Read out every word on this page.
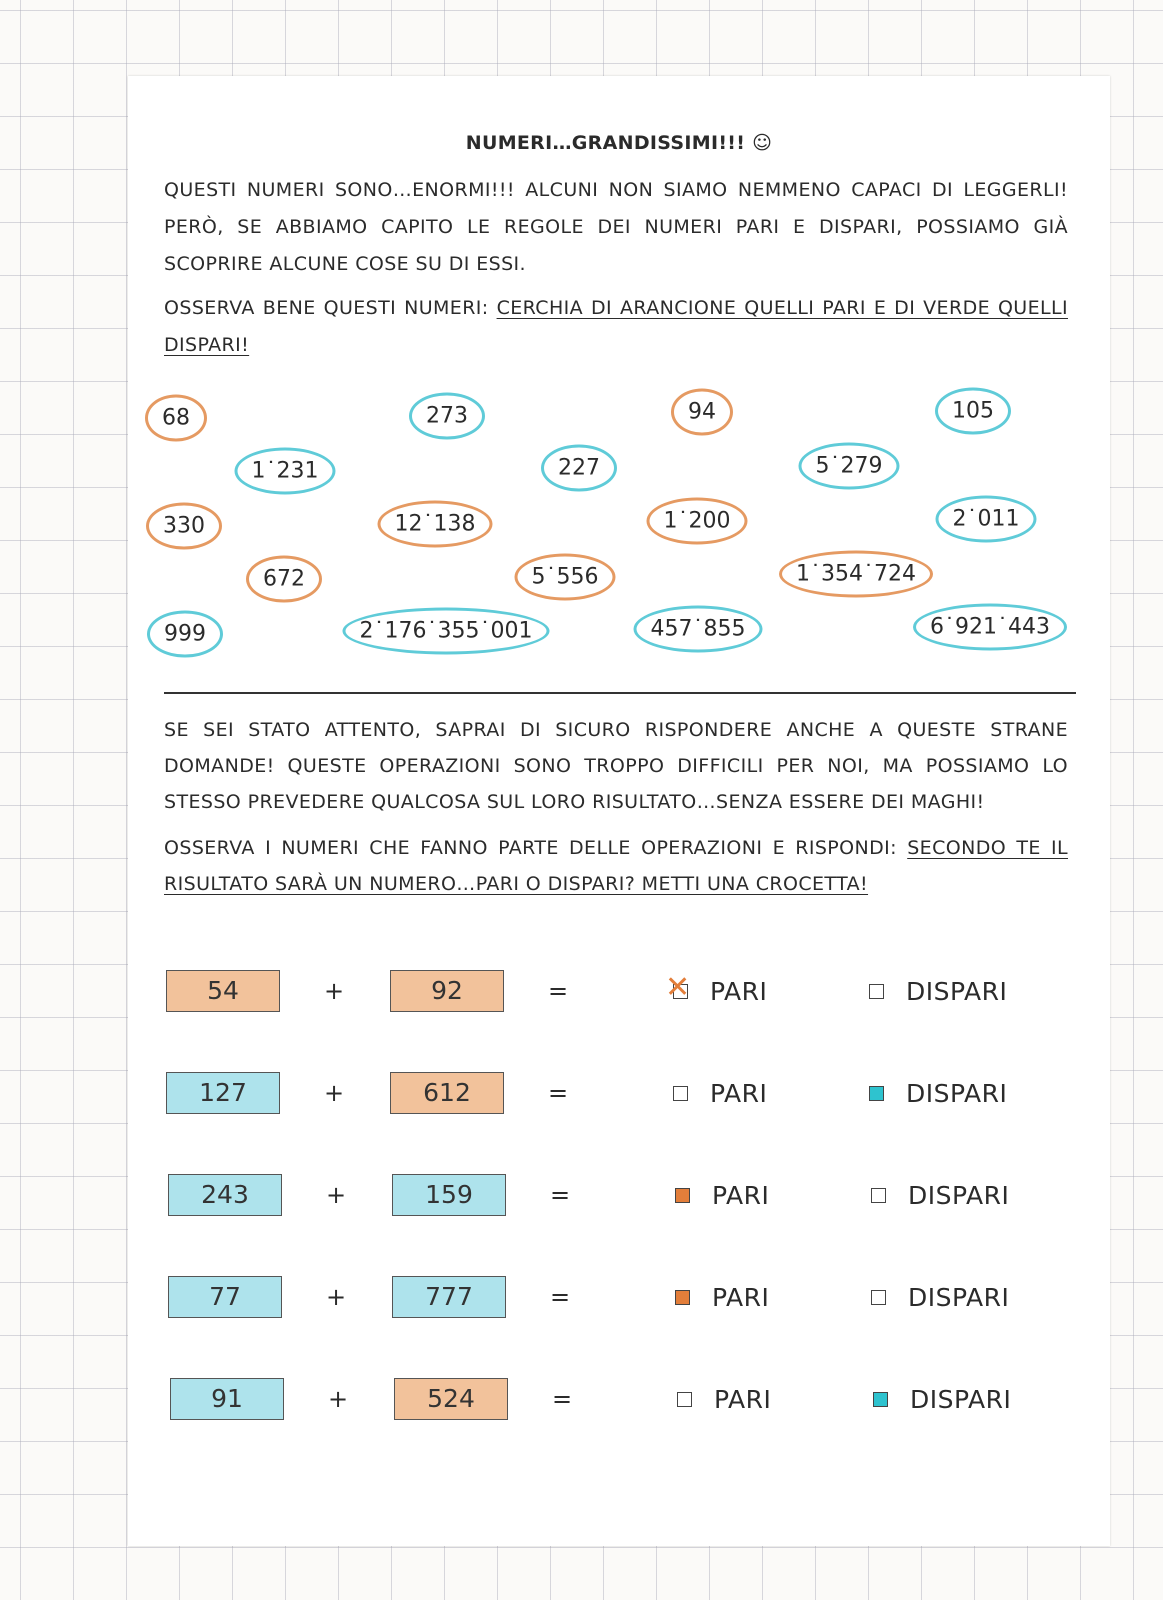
NUMERI…GRANDISSIMI!!! ☺
QUESTI NUMERI SONO…ENORMI!!! ALCUNI NON SIAMO NEMMENO CAPACI DI LEGGERLI! PERÒ, SE ABBIAMO CAPITO LE REGOLE DEI NUMERI PARI E DISPARI, POSSIAMO GIÀ SCOPRIRE ALCUNE COSE SU DI ESSI.
OSSERVA BENE QUESTI NUMERI: CERCHIA DI ARANCIONE QUELLI PARI E DI VERDE QUELLI DISPARI!
68	273	94	105
1˙231	227	5˙279
330	12˙138	1˙200	2˙011
672	5˙556	1˙354˙724
999	2˙176˙355˙001	457˙855	6˙921˙443
SE SEI STATO ATTENTO, SAPRAI DI SICURO RISPONDERE ANCHE A QUESTE STRANE DOMANDE! QUESTE OPERAZIONI SONO TROPPO DIFFICILI PER NOI, MA POSSIAMO LO STESSO PREVEDERE QUALCOSA SUL LORO RISULTATO…SENZA ESSERE DEI MAGHI!
OSSERVA I NUMERI CHE FANNO PARTE DELLE OPERAZIONI E RISPONDI: SECONDO TE IL RISULTATO SARÀ UN NUMERO…PARI O DISPARI? METTI UNA CROCETTA!
54	+	92	=	✕ PARI	DISPARI
127	+	612	=	PARI	DISPARI
243	+	159	=	PARI	DISPARI
77	+	777	=	PARI	DISPARI
91	+	524	=	PARI	DISPARI
